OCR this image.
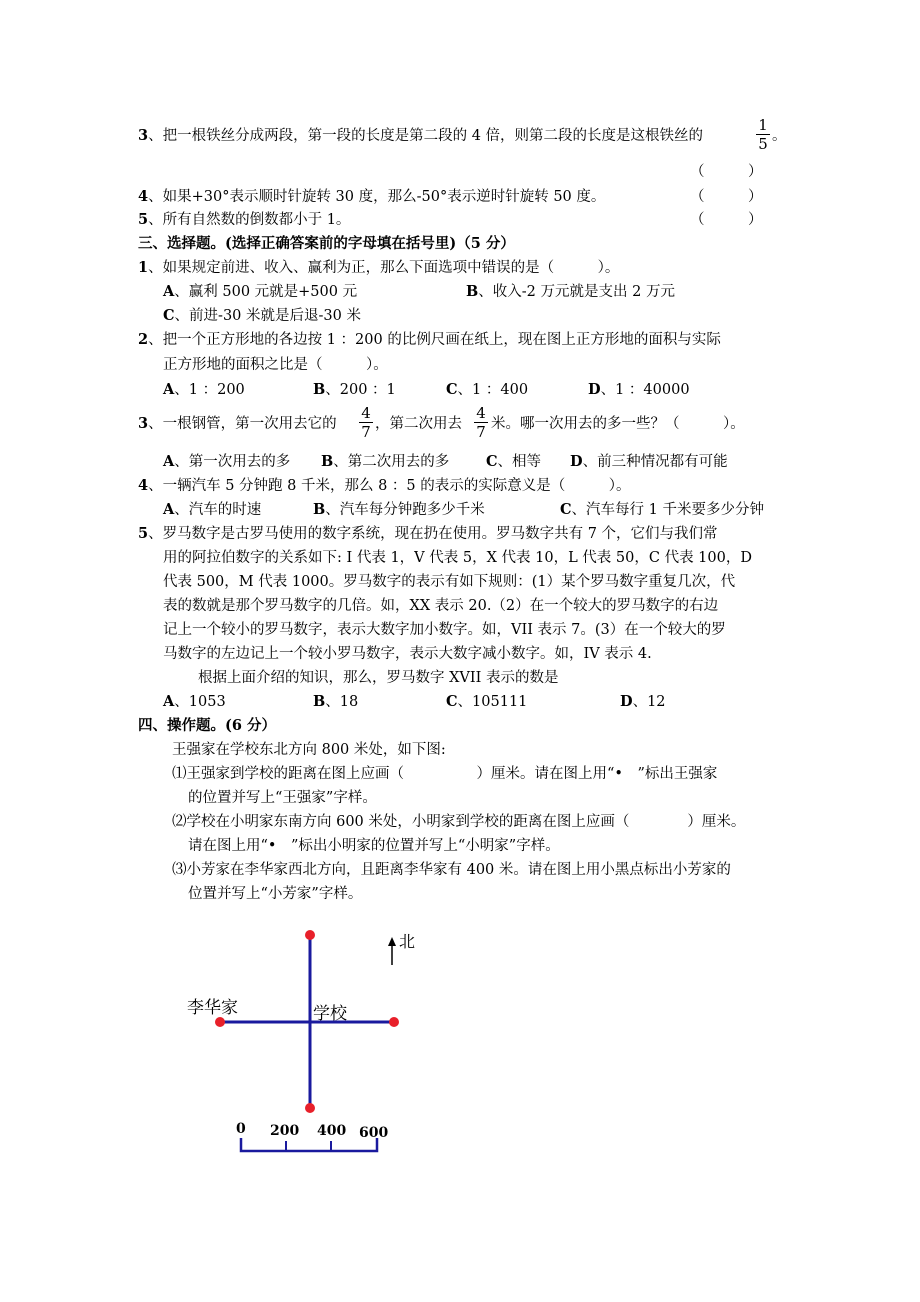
3、把一根铁丝分成两段，第一段的长度是第二段的 4 倍，则第二段的长度是这根铁丝的
1
5 。
（　　　）
4、如果+30°表示顺时针旋转 30 度，那么-50°表示逆时针旋转 50 度。	（　　　）
5、所有自然数的倒数都小于 1。	（　　　）
三、选择题。(选择正确答案前的字母填在括号里)（5 分）
1、如果规定前进、收入、赢利为正，那么下面选项中错误的是（　　　）。
A、赢利 500 元就是+500 元	B、收入-2 万元就是支出 2 万元
C、前进-30 米就是后退-30 米
2、把一个正方形地的各边按 1 ：200 的比例尺画在纸上，现在图上正方形地的面积与实际
正方形地的面积之比是（　　　）。
A、1 ：200	B、200 ：1	C、1 ：400	D、1 ：40000
3、一根钢管，第一次用去它的
4
7 ，第二次用去
4
7 米。哪一次用去的多一些？（　　　）。
A、第一次用去的多 B、第二次用去的多	C、相等 D、前三种情况都有可能
4、一辆汽车 5 分钟跑 8 千米，那么 8 ：5 的表示的实际意义是（　　　）。
A、汽车的时速	B、汽车每分钟跑多少千米	C、汽车每行 1 千米要多少分钟
5、罗马数字是古罗马使用的数字系统，现在扔在使用。罗马数字共有 7 个，它们与我们常
用的阿拉伯数字的关系如下: I 代表 1，V 代表 5，X 代表 10，L 代表 50，C 代表 100，D
代表 500，M 代表 1000。罗马数字的表示有如下规则：(1）某个罗马数字重复几次，代
表的数就是那个罗马数字的几倍。如，XX 表示 20.（2）在一个较大的罗马数字的右边
记上一个较小的罗马数字，表示大数字加小数字。如，VII 表示 7。(3）在一个较大的罗
马数字的左边记上一个较小罗马数字，表示大数字减小数字。如，IV 表示 4.
根据上面介绍的知识，那么，罗马数字 XVII 表示的数是
A、1053	B、18	C、105111	D、12
四、操作题。(6 分）
王强家在学校东北方向 800 米处，如下图:
⑴王强家到学校的距离在图上应画（　　　　　）厘米。请在图上用“•　”标出王强家
的位置并写上“王强家”字样。
⑵学校在小明家东南方向 600 米处，小明家到学校的距离在图上应画（　　　　）厘米。
请在图上用“•　”标出小明家的位置并写上“小明家”字样。
⑶小芳家在李华家西北方向，且距离李华家有 400 米。请在图上用小黑点标出小芳家的
位置并写上“小芳家”字样。
北
李华家	学校
0 200 400 600
